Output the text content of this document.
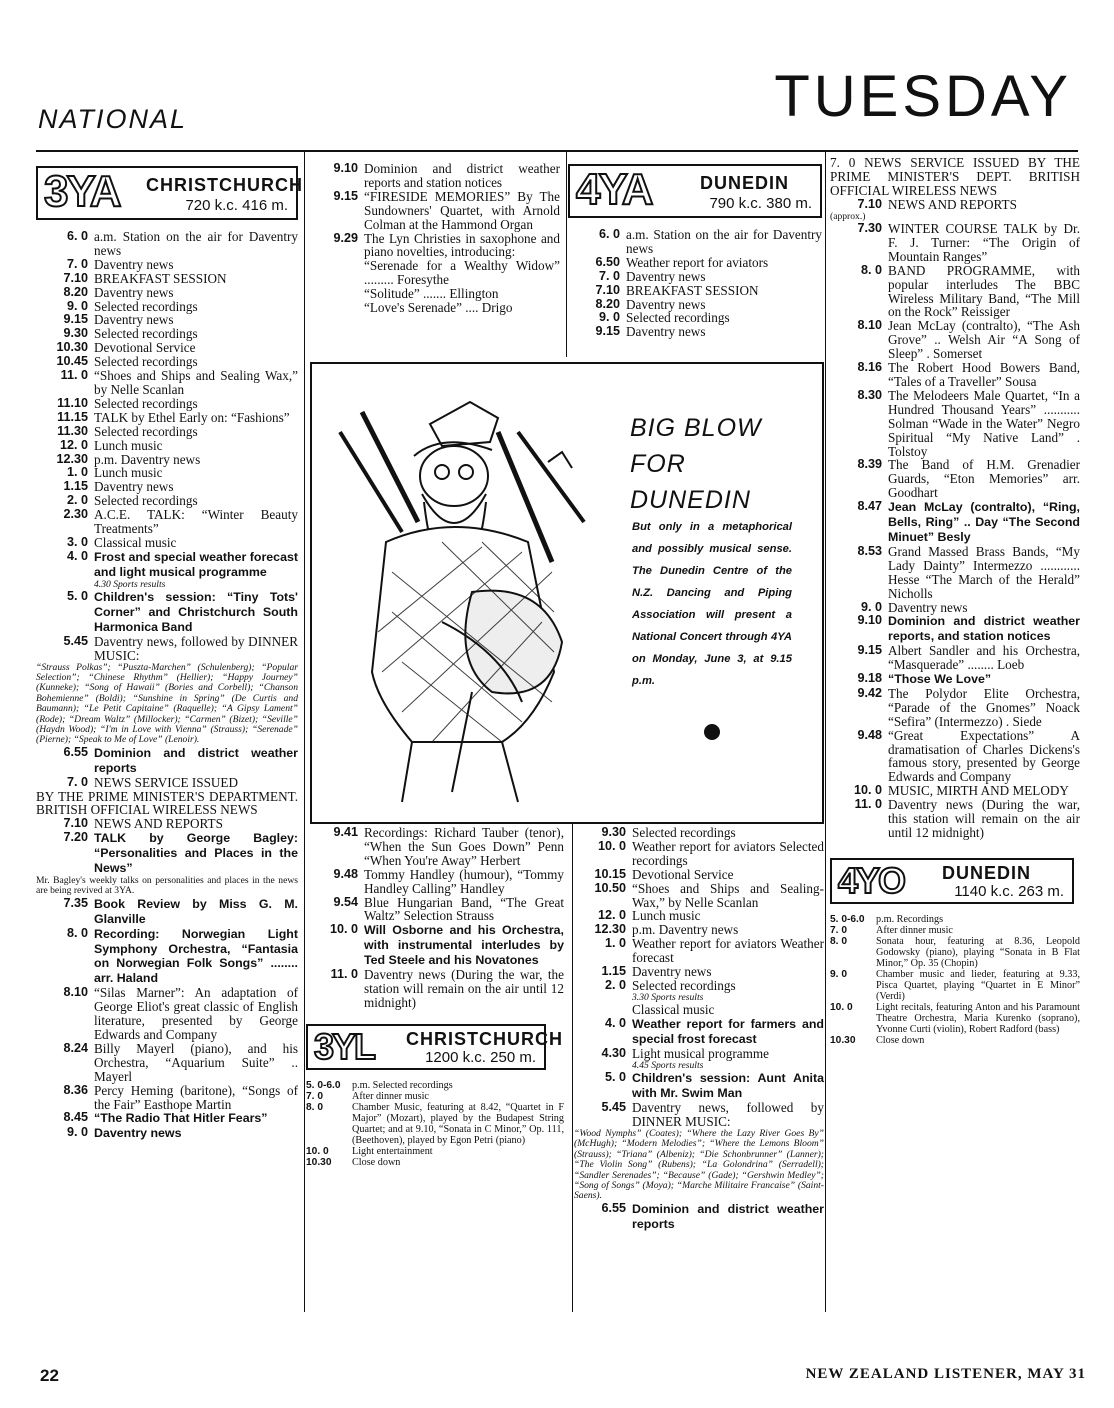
NATIONAL	TUESDAY
3YA CHRISTCHURCH
720 k.c. 416 m.
6. 0 a.m. Station on the air for Daventry news
7. 0 Daventry news
7.10 BREAKFAST SESSION
8.20 Daventry news
9. 0 Selected recordings
9.15 Daventry news
9.30 Selected recordings
10.30 Devotional Service
10.45 Selected recordings
11. 0 “Shoes and Ships and Sealing Wax,” by Nelle Scanlan
11.10 Selected recordings
11.15 TALK by Ethel Early on: “Fashions”
11.30 Selected recordings
12. 0 Lunch music
12.30 p.m. Daventry news
1. 0 Lunch music
1.15 Daventry news
2. 0 Selected recordings
2.30 A.C.E. TALK: “Winter Beauty Treatments”
3. 0 Classical music
4. 0 Frost and special weather forecast and light musical programme
4.30 Sports results
5. 0 Children's session: “Tiny Tots' Corner” and Christchurch South Harmonica Band
5.45 Daventry news, followed by DINNER MUSIC:
“Strauss Polkas”; “Puszta-Marchen” (Schulenberg); “Popular Selection”; “Chinese Rhythm” (Hellier); “Happy Journey” (Kunneke); “Song of Hawaii” (Bories and Corbell); “Chanson Bohemienne” (Boldi); “Sunshine in Spring” (De Curtis and Baumann); “Le Petit Capitaine” (Raquelle); “A Gipsy Lament” (Rode); “Dream Waltz” (Millocker); “Carmen” (Bizet); “Seville” (Haydn Wood); “I'm in Love with Vienna” (Strauss); “Serenade” (Pierne); “Speak to Me of Love” (Lenoir).
6.55 Dominion and district weather reports
7. 0 NEWS SERVICE ISSUED
BY THE PRIME MINISTER'S DEPARTMENT. BRITISH OFFICIAL WIRELESS NEWS
7.10 NEWS AND REPORTS
7.20 TALK by George Bagley: “Personalities and Places in the News”
Mr. Bagley's weekly talks on personalities and places in the news are being revived at 3YA.
7.35 Book Review by Miss G. M. Glanville
8. 0 Recording: Norwegian Light Symphony Orchestra, “Fantasia on Norwegian Folk Songs” ........ arr. Haland
8.10 “Silas Marner”: An adaptation of George Eliot's great classic of English literature, presented by George Edwards and Company
8.24 Billy Mayerl (piano), and his Orchestra, “Aquarium Suite” .. Mayerl
8.36 Percy Heming (baritone), “Songs of the Fair” Easthope Martin
8.45 “The Radio That Hitler Fears”
9. 0 Daventry news
9.10 Dominion and district weather reports and station notices
9.15 “FIRESIDE MEMORIES” By The Sundowners' Quartet, with Arnold Colman at the Hammond Organ
9.29 The Lyn Christies in saxophone and piano novelties, introducing:
“Serenade for a Wealthy Widow” ......... Foresythe
“Solitude” ....... Ellington
“Love's Serenade” .... Drigo
4YA	DUNEDIN
790 k.c. 380 m.
6. 0 a.m. Station on the air for Daventry news
6.50 Weather report for aviators
7. 0 Daventry news
7.10 BREAKFAST SESSION
8.20 Daventry news
9. 0 Selected recordings
9.15 Daventry news
BIG BLOW
FOR
DUNEDIN
But only in a metaphorical and possibly musical sense. The Dunedin Centre of the N.Z. Dancing and Piping Association will present a National Concert through 4YA on Monday, June 3, at 9.15 p.m.
7. 0 NEWS SERVICE ISSUED BY THE PRIME MINISTER'S DEPT. BRITISH OFFICIAL WIRELESS NEWS
7.10 NEWS AND REPORTS
(approx.)
7.30 WINTER COURSE TALK by Dr. F. J. Turner: “The Origin of Mountain Ranges”
8. 0 BAND PROGRAMME, with popular interludes The BBC Wireless Military Band, “The Mill on the Rock” Reissiger
8.10 Jean McLay (contralto), “The Ash Grove” .. Welsh Air “A Song of Sleep” . Somerset
8.16 The Robert Hood Bowers Band, “Tales of a Traveller” Sousa
8.30 The Melodeers Male Quartet, “In a Hundred Thousand Years” ........... Solman “Wade in the Water” Negro Spiritual “My Native Land” . Tolstoy
8.39 The Band of H.M. Grenadier Guards, “Eton Memories” arr. Goodhart
8.47 Jean McLay (contralto), “Ring, Bells, Ring” .. Day “The Second Minuet” Besly
8.53 Grand Massed Brass Bands, “My Lady Dainty” Intermezzo ............ Hesse “The March of the Herald” Nicholls
9. 0 Daventry news
9.10 Dominion and district weather reports, and station notices
9.15 Albert Sandler and his Orchestra, “Masquerade” ........ Loeb
9.18 “Those We Love”
9.42 The Polydor Elite Orchestra, “Parade of the Gnomes” Noack “Sefira” (Intermezzo) . Siede
9.48 “Great Expectations” A dramatisation of Charles Dickens's famous story, presented by George Edwards and Company
10. 0 MUSIC, MIRTH AND MELODY
11. 0 Daventry news (During the war, this station will remain on the air until 12 midnight)
4YO DUNEDIN
1140 k.c. 263 m.
5. 0-6.0	p.m. Recordings
7. 0	After dinner music
8. 0	Sonata hour, featuring at 8.36, Leopold Godowsky (piano), playing “Sonata in B Flat Minor,” Op. 35 (Chopin)
9. 0	Chamber music and lieder, featuring at 9.33, Pisca Quartet, playing “Quartet in E Minor” (Verdi)
10. 0	Light recitals, featuring Anton and his Paramount Theatre Orchestra, Maria Kurenko (soprano), Yvonne Curti (violin), Robert Radford (bass)
10.30	Close down
9.41 Recordings: Richard Tauber (tenor), “When the Sun Goes Down” Penn “When You're Away” Herbert
9.48 Tommy Handley (humour), “Tommy Handley Calling” Handley
9.54 Blue Hungarian Band, “The Great Waltz” Selection Strauss
10. 0 Will Osborne and his Orchestra, with instrumental interludes by Ted Steele and his Novatones
11. 0 Daventry news (During the war, the station will remain on the air until 12 midnight)
3YL CHRISTCHURCH
1200 k.c. 250 m.
5. 0-6.0	p.m. Selected recordings
7. 0	After dinner music
8. 0	Chamber Music, featuring at 8.42, “Quartet in F Major” (Mozart), played by the Budapest String Quartet; and at 9.10, “Sonata in C Minor,” Op. 111, (Beethoven), played by Egon Petri (piano)
10. 0	Light entertainment
10.30	Close down
9.30 Selected recordings
10. 0 Weather report for aviators Selected recordings
10.15 Devotional Service
10.50 “Shoes and Ships and Sealing-Wax,” by Nelle Scanlan
12. 0 Lunch music
12.30 p.m. Daventry news
1. 0 Weather report for aviators Weather forecast
1.15 Daventry news
2. 0 Selected recordings
3.30 Sports results
Classical music
4. 0 Weather report for farmers and special frost forecast
4.30 Light musical programme
4.45 Sports results
5. 0 Children's session: Aunt Anita with Mr. Swim Man
5.45 Daventry news, followed by DINNER MUSIC:
“Wood Nymphs” (Coates); “Where the Lazy River Goes By” (McHugh); “Modern Melodies”; “Where the Lemons Bloom” (Strauss); “Triana” (Albeniz); “Die Schonbrunner” (Lanner); “The Violin Song” (Rubens); “La Golondrina” (Serradell); “Sandler Serenades”; “Because” (Gade); “Gershwin Medley”; “Song of Songs” (Moya); “Marche Militaire Francaise” (Saint-Saens).
6.55 Dominion and district weather reports
22	NEW ZEALAND LISTENER, MAY 31
